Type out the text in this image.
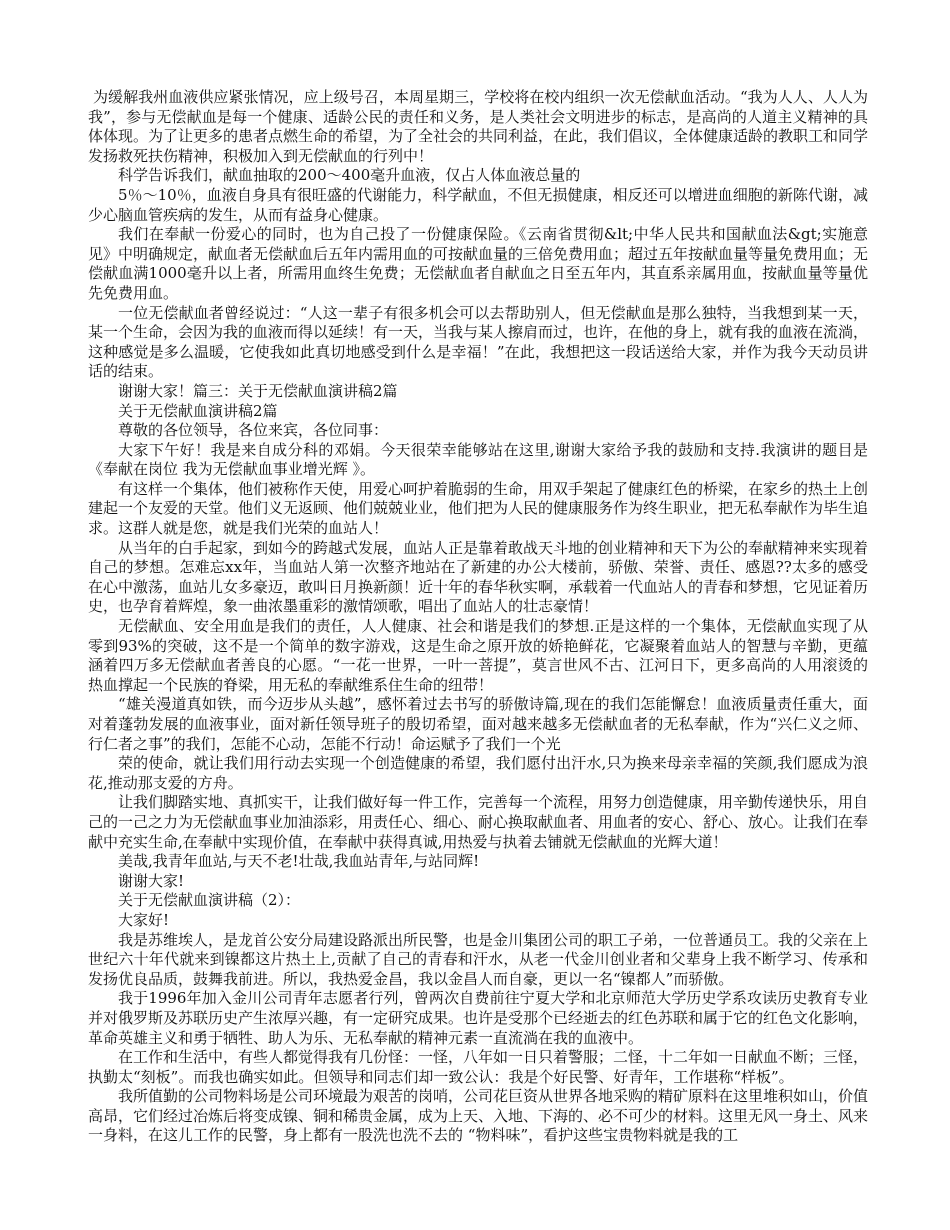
为缓解我州血液供应紧张情况，应上级号召，本周星期三，学校将在校内组织一次无偿献血活动。“我为人人、人人为我”，参与无偿献血是每一个健康、适龄公民的责任和义务，是人类社会文明进步的标志，是高尚的人道主义精神的具体体现。为了让更多的患者点燃生命的希望，为了全社会的共同利益，在此，我们倡议，全体健康适龄的教职工和同学发扬救死扶伤精神，积极加入到无偿献血的行列中！

科学告诉我们，献血抽取的200～400毫升血液，仅占人体血液总量的

5％～10％，血液自身具有很旺盛的代谢能力，科学献血，不但无损健康，相反还可以增进血细胞的新陈代谢，减少心脑血管疾病的发生，从而有益身心健康。

我们在奉献一份爱心的同时，也为自己投了一份健康保险。《云南省贯彻&lt;中华人民共和国献血法&gt;实施意见》中明确规定，献血者无偿献血后五年内需用血的可按献血量的三倍免费用血；超过五年按献血量等量免费用血；无偿献血满1000毫升以上者，所需用血终生免费；无偿献血者自献血之日至五年内，其直系亲属用血，按献血量等量优先免费用血。

一位无偿献血者曾经说过：“人这一辈子有很多机会可以去帮助别人，但无偿献血是那么独特，当我想到某一天，某一个生命，会因为我的血液而得以延续！有一天，当我与某人擦肩而过，也许，在他的身上，就有我的血液在流淌，这种感觉是多么温暖，它使我如此真切地感受到什么是幸福！”在此，我想把这一段话送给大家，并作为我今天动员讲话的结束。

谢谢大家！篇三：关于无偿献血演讲稿2篇

关于无偿献血演讲稿2篇

尊敬的各位领导，各位来宾，各位同事：

大家下午好！我是来自成分科的邓娟。今天很荣幸能够站在这里,谢谢大家给予我的鼓励和支持.我演讲的题目是《奉献在岗位 我为无偿献血事业增光辉 》。

有这样一个集体，他们被称作天使，用爱心呵护着脆弱的生命，用双手架起了健康红色的桥梁，在家乡的热土上创建起一个友爱的天堂。他们义无返顾、他们兢兢业业，他们把为人民的健康服务作为终生职业，把无私奉献作为毕生追求。这群人就是您，就是我们光荣的血站人！

从当年的白手起家，到如今的跨越式发展，血站人正是靠着敢战天斗地的创业精神和天下为公的奉献精神来实现着自己的梦想。怎难忘xx年，当血站人第一次整齐地站在了新建的办公大楼前，骄傲、荣誉、责任、感恩??太多的感受在心中激荡，血站儿女多豪迈，敢叫日月换新颜！近十年的春华秋实啊，承载着一代血站人的青春和梦想，它见证着历史，也孕育着辉煌，象一曲浓墨重彩的激情颂歌，唱出了血站人的壮志豪情！

无偿献血、安全用血是我们的责任，人人健康、社会和谐是我们的梦想.正是这样的一个集体，无偿献血实现了从零到93%的突破，这不是一个简单的数字游戏，这是生命之原开放的娇艳鲜花，它凝聚着血站人的智慧与辛勤，更蕴涵着四万多无偿献血者善良的心愿。“一花一世界，一叶一菩提”，莫言世风不古、江河日下，更多高尚的人用滚烫的热血撑起一个民族的脊梁，用无私的奉献维系住生命的纽带！

“雄关漫道真如铁，而今迈步从头越”，感怀着过去书写的骄傲诗篇,现在的我们怎能懈怠！血液质量责任重大，面对着蓬勃发展的血液事业，面对新任领导班子的殷切希望，面对越来越多无偿献血者的无私奉献，作为“兴仁义之师、行仁者之事”的我们，怎能不心动，怎能不行动！命运赋予了我们一个光

荣的使命，就让我们用行动去实现一个创造健康的希望，我们愿付出汗水,只为换来母亲幸福的笑颜,我们愿成为浪花,推动那支爱的方舟。

让我们脚踏实地、真抓实干，让我们做好每一件工作，完善每一个流程，用努力创造健康，用辛勤传递快乐，用自己的一己之力为无偿献血事业加油添彩，用责任心、细心、耐心换取献血者、用血者的安心、舒心、放心。让我们在奉献中充实生命,在奉献中实现价值，在奉献中获得真诚,用热爱与执着去铺就无偿献血的光辉大道！

美哉,我青年血站,与天不老!壮哉,我血站青年,与站同辉!

谢谢大家!

关于无偿献血演讲稿（2）：

大家好!

我是苏维埃人，是龙首公安分局建设路派出所民警，也是金川集团公司的职工子弟，一位普通员工。我的父亲在上世纪六十年代就来到镍都这片热土上,贡献了自己的青春和汗水，从老一代金川创业者和父辈身上我不断学习、传承和发扬优良品质，鼓舞我前进。所以，我热爱金昌，我以金昌人而自豪，更以一名“镍都人”而骄傲。

我于1996年加入金川公司青年志愿者行列，曾两次自费前往宁夏大学和北京师范大学历史学系攻读历史教育专业并对俄罗斯及苏联历史产生浓厚兴趣，有一定研究成果。也许是受那个已经逝去的红色苏联和属于它的红色文化影响，革命英雄主义和勇于牺牲、助人为乐、无私奉献的精神元素一直流淌在我的血液中。

在工作和生活中，有些人都觉得我有几份怪：一怪，八年如一日只着警服；二怪，十二年如一日献血不断；三怪，执勤太“刻板”。而我也确实如此。但领导和同志们却一致公认：我是个好民警、好青年，工作堪称“样板”。

我所值勤的公司物料场是公司环境最为艰苦的岗哨，公司花巨资从世界各地采购的精矿原料在这里堆积如山，价值高昂，它们经过冶炼后将变成镍、铜和稀贵金属，成为上天、入地、下海的、必不可少的材料。这里无风一身土、风来一身料，在这儿工作的民警，身上都有一股洗也洗不去的 “物料味”，看护这些宝贵物料就是我的工
